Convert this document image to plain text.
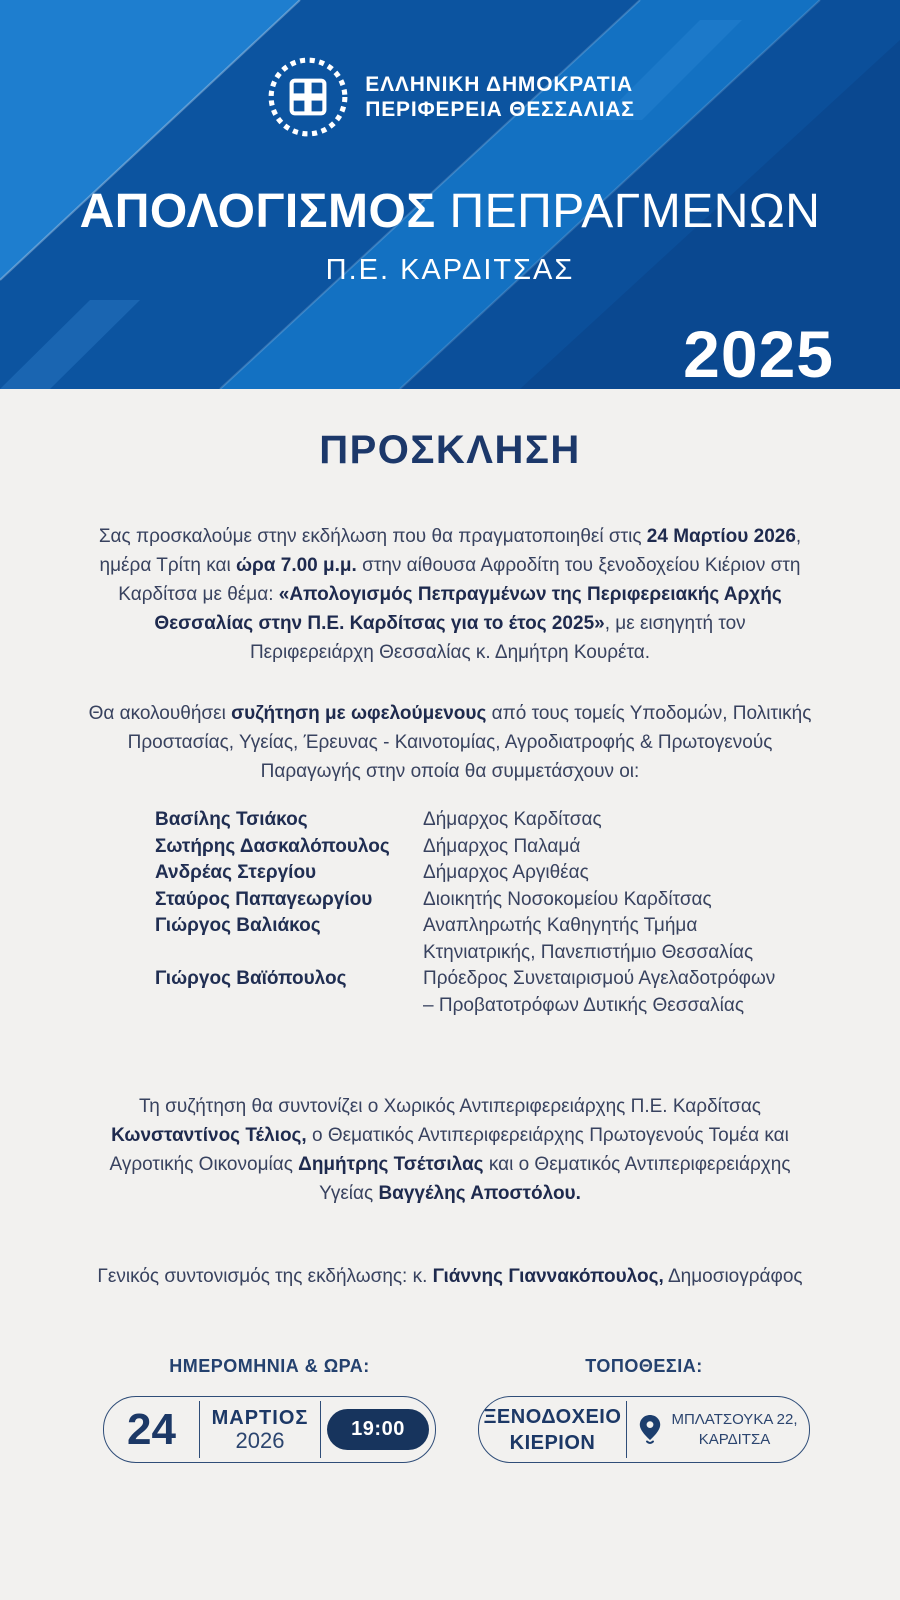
ΕΛΛΗΝΙΚΗ ΔΗΜΟΚΡΑΤΙΑ
ΠΕΡΙΦΕΡΕΙΑ ΘΕΣΣΑΛΙΑΣ
ΑΠΟΛΟΓΙΣΜΟΣ ΠΕΠΡΑΓΜΕΝΩΝ
Π.Ε. ΚΑΡΔΙΤΣΑΣ
2025
ΠΡΟΣΚΛΗΣΗ

Σας προσκαλούμε στην εκδήλωση που θα πραγματοποιηθεί στις 24 Μαρτίου 2026, ημέρα Τρίτη και ώρα 7.00 μ.μ. στην αίθουσα Αφροδίτη του ξενοδοχείου Κιέριον στη Καρδίτσα με θέμα: «Απολογισμός Πεπραγμένων της Περιφερειακής Αρχής Θεσσαλίας στην Π.Ε. Καρδίτσας για το έτος 2025», με εισηγητή τον Περιφερειάρχη Θεσσαλίας κ. Δημήτρη Κουρέτα.

Θα ακολουθήσει συζήτηση με ωφελούμενους από τους τομείς Υποδομών, Πολιτικής Προστασίας, Υγείας, Έρευνας - Καινοτομίας, Αγροδιατροφής & Πρωτογενούς Παραγωγής στην οποία θα συμμετάσχουν οι:

Βασίλης Τσιάκος	Δήμαρχος Καρδίτσας
Σωτήρης Δασκαλόπουλος	Δήμαρχος Παλαμά
Ανδρέας Στεργίου	Δήμαρχος Αργιθέας
Σταύρος Παπαγεωργίου	Διοικητής Νοσοκομείου Καρδίτσας
Γιώργος Βαλιάκος	Αναπληρωτής Καθηγητής Τμήμα Κτηνιατρικής, Πανεπιστήμιο Θεσσαλίας
Γιώργος Βαϊόπουλος	Πρόεδρος Συνεταιρισμού Αγελαδοτρόφων – Προβατοτρόφων Δυτικής Θεσσαλίας

Τη συζήτηση θα συντονίζει ο Χωρικός Αντιπεριφερειάρχης Π.Ε. Καρδίτσας Κωνσταντίνος Τέλιος, ο Θεματικός Αντιπεριφερειάρχης Πρωτογενούς Τομέα και Αγροτικής Οικονομίας Δημήτρης Τσέτσιλας και ο Θεματικός Αντιπεριφερειάρχης Υγείας Βαγγέλης Αποστόλου.

Γενικός συντονισμός της εκδήλωσης: κ. Γιάννης Γιαννακόπουλος, Δημοσιογράφος

ΗΜΕΡΟΜΗΝΙΑ & ΩΡΑ:	ΤΟΠΟΘΕΣΙΑ:
24 ΜΑΡΤΙΟΣ
2026	19:00
ΞΕΝΟΔΟΧΕΙΟ
ΚΙΕΡΙΟΝ
ΜΠΛΑΤΣΟΥΚΑ 22,
ΚΑΡΔΙΤΣΑ
